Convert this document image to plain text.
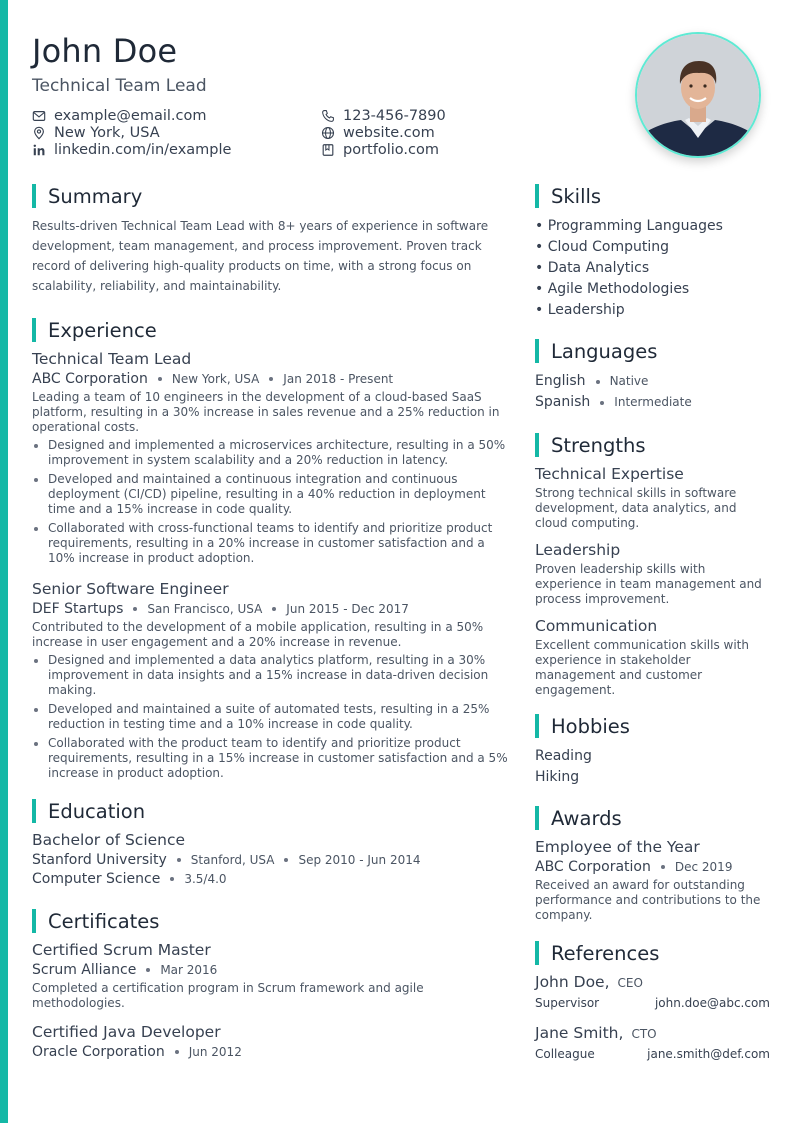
John Doe
Technical Team Lead
example@email.com	123-456-7890
New York, USA	website.com
linkedin.com/in/example	portfolio.com
Summary
Results-driven Technical Team Lead with 8+ years of experience in software development, team management, and process improvement. Proven track record of delivering high-quality products on time, with a strong focus on scalability, reliability, and maintainability.
Experience
Technical Team Lead
ABC Corporation New York, USA Jan 2018 - Present
Leading a team of 10 engineers in the development of a cloud-based SaaS platform, resulting in a 30% increase in sales revenue and a 25% reduction in operational costs.
Designed and implemented a microservices architecture, resulting in a 50% improvement in system scalability and a 20% reduction in latency.
Developed and maintained a continuous integration and continuous deployment (CI/CD) pipeline, resulting in a 40% reduction in deployment time and a 15% increase in code quality.
Collaborated with cross-functional teams to identify and prioritize product requirements, resulting in a 20% increase in customer satisfaction and a 10% increase in product adoption.
Senior Software Engineer
DEF Startups San Francisco, USA Jun 2015 - Dec 2017
Contributed to the development of a mobile application, resulting in a 50% increase in user engagement and a 20% increase in revenue.
Designed and implemented a data analytics platform, resulting in a 30% improvement in data insights and a 15% increase in data-driven decision making.
Developed and maintained a suite of automated tests, resulting in a 25% reduction in testing time and a 10% increase in code quality.
Collaborated with the product team to identify and prioritize product requirements, resulting in a 15% increase in customer satisfaction and a 5% increase in product adoption.
Education
Bachelor of Science
Stanford University Stanford, USA Sep 2010 - Jun 2014
Computer Science 3.5/4.0
Certificates
Certified Scrum Master
Scrum Alliance Mar 2016
Completed a certification program in Scrum framework and agile methodologies.
Certified Java Developer
Oracle Corporation Jun 2012
Skills
• Programming Languages
• Cloud Computing
• Data Analytics
• Agile Methodologies
• Leadership
Languages
English Native
Spanish Intermediate
Strengths
Technical Expertise
Strong technical skills in software development, data analytics, and cloud computing.
Leadership
Proven leadership skills with experience in team management and process improvement.
Communication
Excellent communication skills with experience in stakeholder management and customer engagement.
Hobbies
Reading
Hiking
Awards
Employee of the Year
ABC Corporation Dec 2019
Received an award for outstanding performance and contributions to the company.
References
John Doe, CEO
Supervisor	john.doe@abc.com
Jane Smith, CTO
Colleague	jane.smith@def.com
